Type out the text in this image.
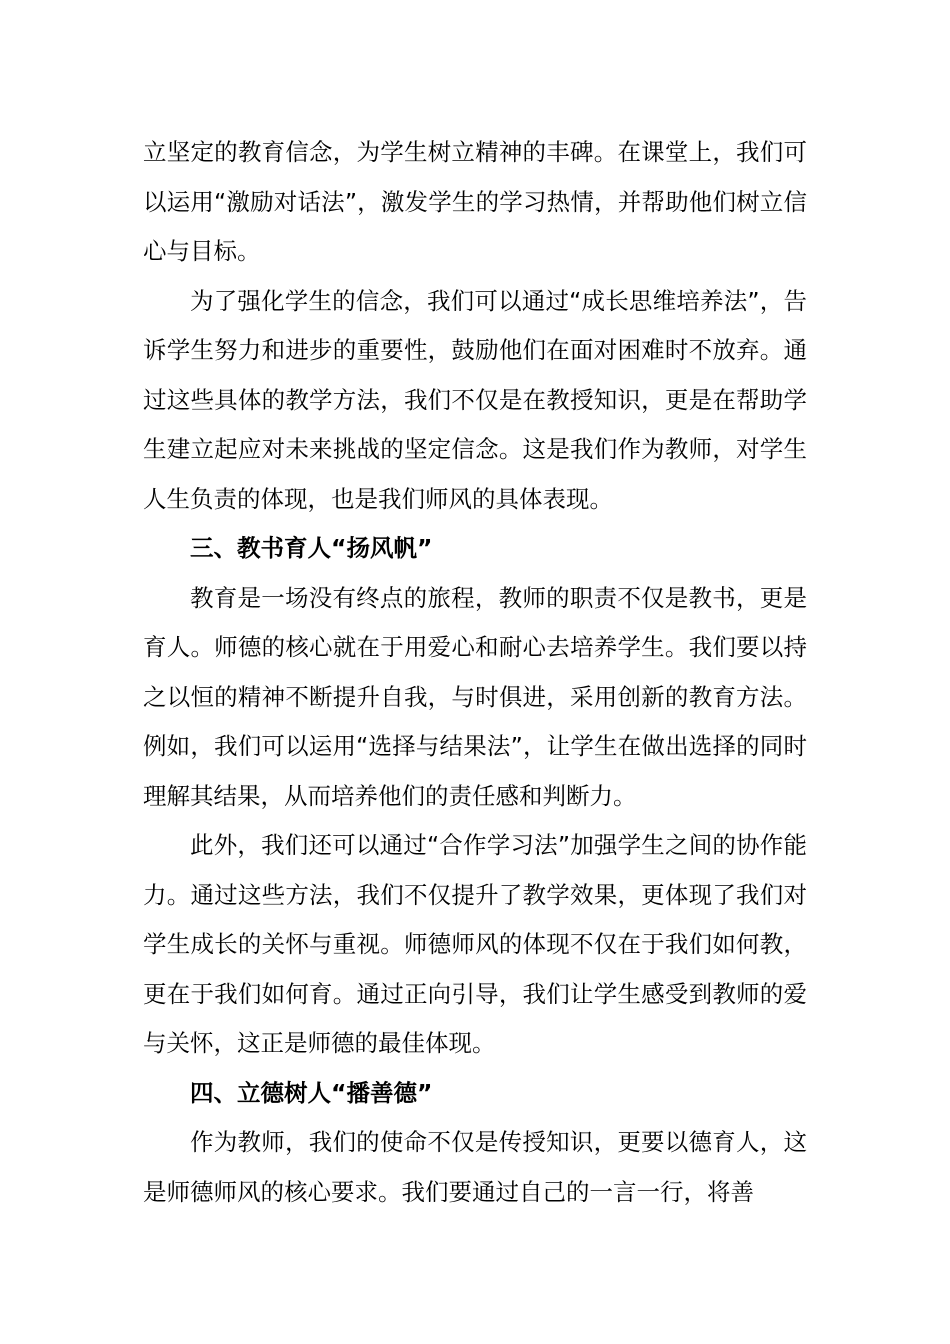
立坚定的教育信念，为学生树立精神的丰碑。在课堂上，我们可以运用“激励对话法”，激发学生的学习热情，并帮助他们树立信心与目标。

为了强化学生的信念，我们可以通过“成长思维培养法”，告诉学生努力和进步的重要性，鼓励他们在面对困难时不放弃。通过这些具体的教学方法，我们不仅是在教授知识，更是在帮助学生建立起应对未来挑战的坚定信念。这是我们作为教师，对学生人生负责的体现，也是我们师风的具体表现。

三、教书育人“扬风帆”

教育是一场没有终点的旅程，教师的职责不仅是教书，更是育人。师德的核心就在于用爱心和耐心去培养学生。我们要以持之以恒的精神不断提升自我，与时俱进，采用创新的教育方法。例如，我们可以运用“选择与结果法”，让学生在做出选择的同时理解其结果，从而培养他们的责任感和判断力。

此外，我们还可以通过“合作学习法”加强学生之间的协作能力。通过这些方法，我们不仅提升了教学效果，更体现了我们对学生成长的关怀与重视。师德师风的体现不仅在于我们如何教，更在于我们如何育。通过正向引导，我们让学生感受到教师的爱与关怀，这正是师德的最佳体现。

四、立德树人“播善德”

作为教师，我们的使命不仅是传授知识，更要以德育人，这是师德师风的核心要求。我们要通过自己的一言一行，将善
